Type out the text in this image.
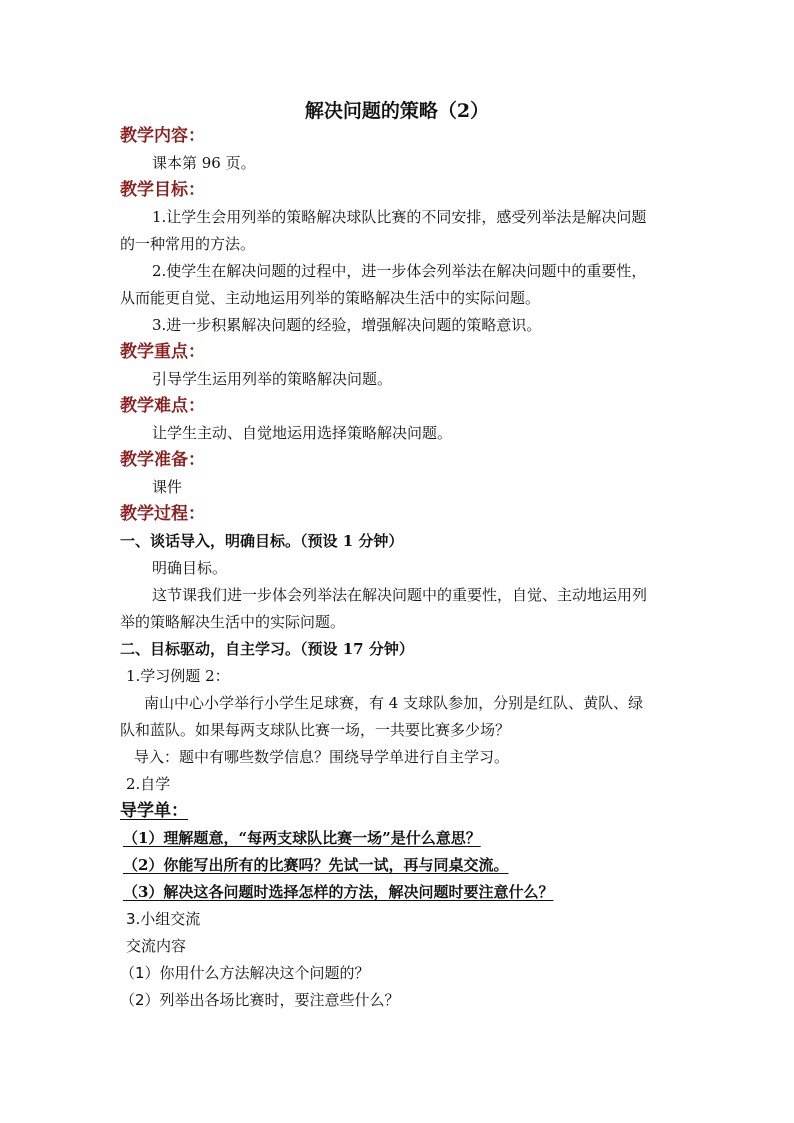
解决问题的策略（2）
教学内容：
课本第 96 页。
教学目标：
1.让学生会用列举的策略解决球队比赛的不同安排，感受列举法是解决问题
的一种常用的方法。
2.使学生在解决问题的过程中，进一步体会列举法在解决问题中的重要性，
从而能更自觉、主动地运用列举的策略解决生活中的实际问题。
3.进一步积累解决问题的经验，增强解决问题的策略意识。
教学重点：
引导学生运用列举的策略解决问题。
教学难点：
让学生主动、自觉地运用选择策略解决问题。
教学准备：
课件
教学过程：
一、谈话导入，明确目标。（预设 1 分钟）
明确目标。
这节课我们进一步体会列举法在解决问题中的重要性，自觉、主动地运用列
举的策略解决生活中的实际问题。
二、目标驱动，自主学习。（预设 17 分钟）
1.学习例题 2：
南山中心小学举行小学生足球赛，有 4 支球队参加，分别是红队、黄队、绿
队和蓝队。如果每两支球队比赛一场，一共要比赛多少场？
导入：题中有哪些数学信息？围绕导学单进行自主学习。
2.自学
导学单：
（1）理解题意，“每两支球队比赛一场”是什么意思？
（2）你能写出所有的比赛吗？先试一试，再与同桌交流。
（3）解决这各问题时选择怎样的方法，解决问题时要注意什么？
3.小组交流
交流内容
（1）你用什么方法解决这个问题的？
（2）列举出各场比赛时，要注意些什么？
